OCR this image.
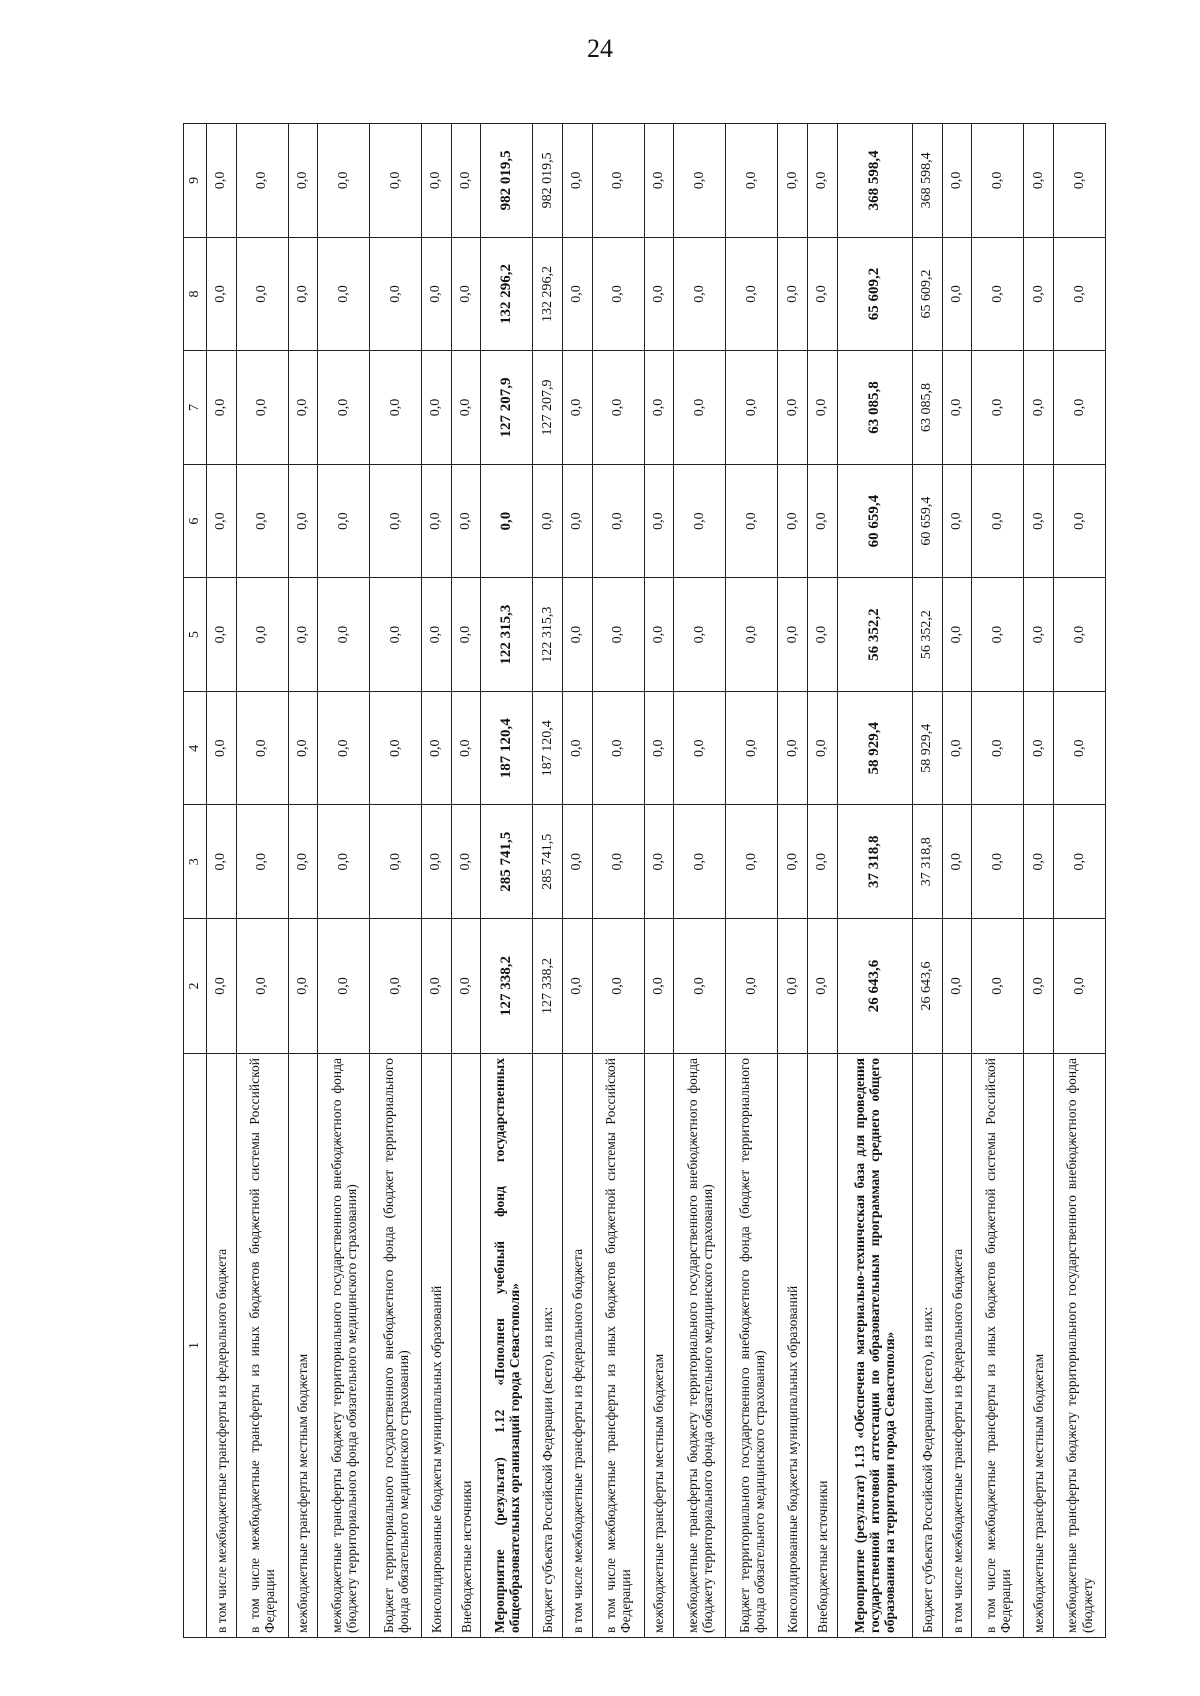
24
1	2	3	4	5	6	7	8	9
в том числе межбюджетные трансферты из федерального бюджета	0,0	0,0	0,0	0,0	0,0	0,0	0,0	0,0
в том числе межбюджетные трансферты из иных бюджетов бюджетной системы Российской Федерации	0,0	0,0	0,0	0,0	0,0	0,0	0,0	0,0
межбюджетные трансферты местным бюджетам	0,0	0,0	0,0	0,0	0,0	0,0	0,0	0,0
межбюджетные трансферты бюджету территориального государственного внебюджетного фонда (бюджету территориального фонда обязательного медицинского страхования)	0,0	0,0	0,0	0,0	0,0	0,0	0,0	0,0
Бюджет территориального государственного внебюджетного фонда (бюджет территориального фонда обязательного медицинского страхования)	0,0	0,0	0,0	0,0	0,0	0,0	0,0	0,0
Консолидированные бюджеты муниципальных образований	0,0	0,0	0,0	0,0	0,0	0,0	0,0	0,0
Внебюджетные источники	0,0	0,0	0,0	0,0	0,0	0,0	0,0	0,0
Мероприятие (результат) 1.12 «Пополнен учебный фонд государственных общеобразовательных организаций города Севастополя»	127 338,2	285 741,5	187 120,4	122 315,3	0,0	127 207,9	132 296,2	982 019,5
Бюджет субъекта Российской Федерации (всего), из них:	127 338,2	285 741,5	187 120,4	122 315,3	0,0	127 207,9	132 296,2	982 019,5
в том числе межбюджетные трансферты из федерального бюджета	0,0	0,0	0,0	0,0	0,0	0,0	0,0	0,0
в том числе межбюджетные трансферты из иных бюджетов бюджетной системы Российской Федерации	0,0	0,0	0,0	0,0	0,0	0,0	0,0	0,0
межбюджетные трансферты местным бюджетам	0,0	0,0	0,0	0,0	0,0	0,0	0,0	0,0
межбюджетные трансферты бюджету территориального государственного внебюджетного фонда (бюджету территориального фонда обязательного медицинского страхования)	0,0	0,0	0,0	0,0	0,0	0,0	0,0	0,0
Бюджет территориального государственного внебюджетного фонда (бюджет территориального фонда обязательного медицинского страхования)	0,0	0,0	0,0	0,0	0,0	0,0	0,0	0,0
Консолидированные бюджеты муниципальных образований	0,0	0,0	0,0	0,0	0,0	0,0	0,0	0,0
Внебюджетные источники	0,0	0,0	0,0	0,0	0,0	0,0	0,0	0,0
Мероприятие (результат) 1.13 «Обеспечена материально-техническая база для проведения государственной итоговой аттестации по образовательным программам среднего общего образования на территории города Севастополя»	26 643,6	37 318,8	58 929,4	56 352,2	60 659,4	63 085,8	65 609,2	368 598,4
Бюджет субъекта Российской Федерации (всего), из них:	26 643,6	37 318,8	58 929,4	56 352,2	60 659,4	63 085,8	65 609,2	368 598,4
в том числе межбюджетные трансферты из федерального бюджета	0,0	0,0	0,0	0,0	0,0	0,0	0,0	0,0
в том числе межбюджетные трансферты из иных бюджетов бюджетной системы Российской Федерации	0,0	0,0	0,0	0,0	0,0	0,0	0,0	0,0
межбюджетные трансферты местным бюджетам	0,0	0,0	0,0	0,0	0,0	0,0	0,0	0,0
межбюджетные трансферты бюджету территориального государственного внебюджетного фонда (бюджету	0,0	0,0	0,0	0,0	0,0	0,0	0,0	0,0
